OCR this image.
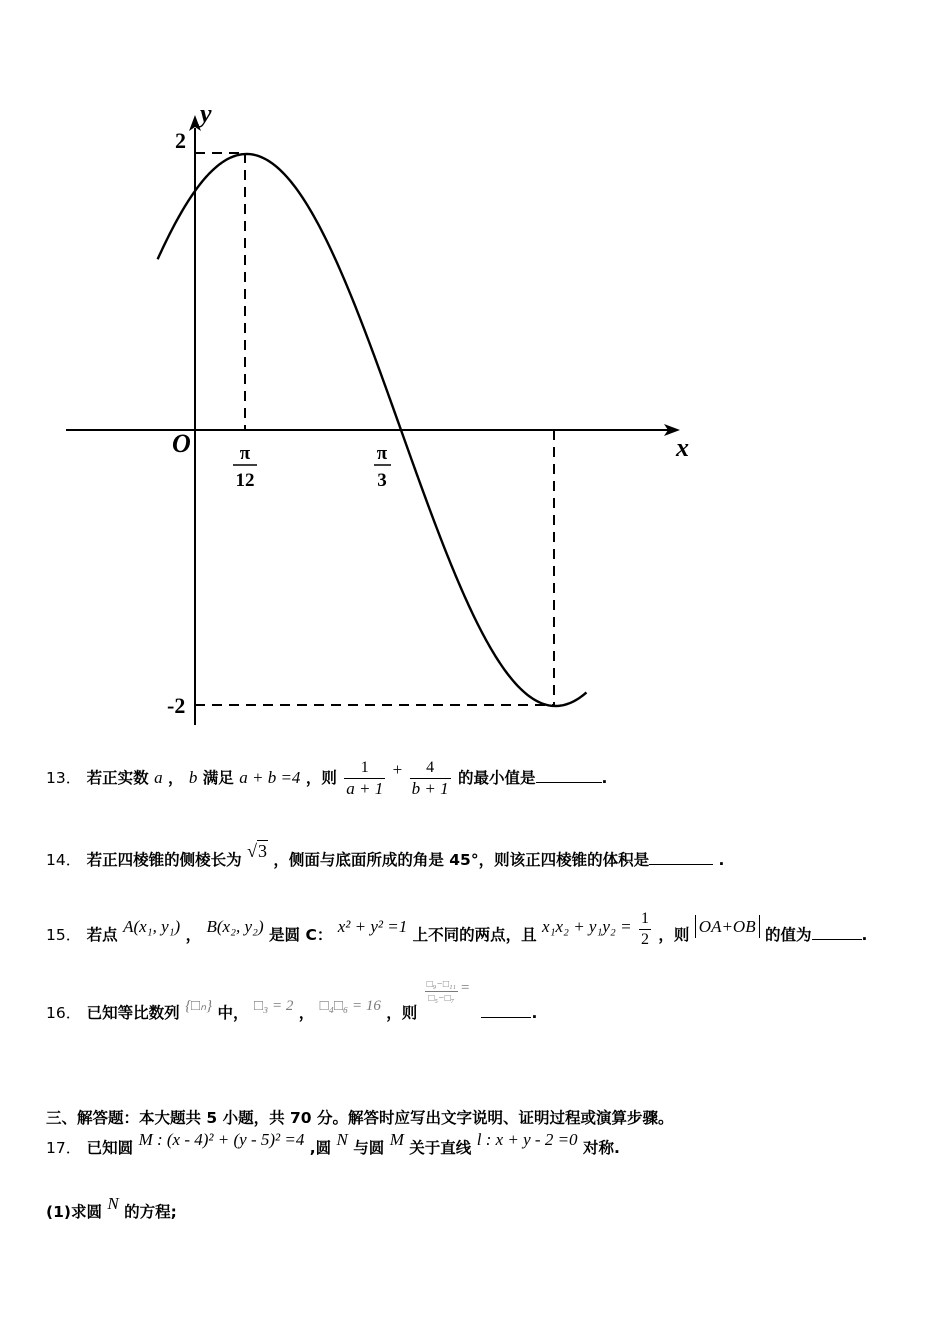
x
y
O
2
-2
π
12
π
3
13． 若正实数 a ， b 满足 a + b =4 ，则 $\frac{1}{a + 1} + \frac{4}{b + 1}$ 的最小值是	.
14． 若正四棱锥的侧棱长为 √3 ，侧面与底面所成的角是 45°，则该正四棱锥的体积是	.
15． 若点 A(x₁, y₁) ， B(x₂, y₂) 是圆 C： x² + y² =1 上不同的两点，且 $x_1x_2 + y_1y_2 = \frac{1}{2}$ ，则 OA+OB 的值为	.
16． 已知等比数列 {□ₙ} 中， □₃ = 2 ， □₄□₆ = 16 ，则
$\frac{\text{□₉−□₁₁}}{\text{□₅−□₇}}$ = .
三、解答题：本大题共 5 小题，共 70 分。解答时应写出文字说明、证明过程或演算步骤。
17． 已知圆 M : (x - 4)² + (y - 5)² =4 ,圆 N 与圆 M 关于直线 l : x + y - 2 =0 对称.
(1)求圆 N 的方程;
